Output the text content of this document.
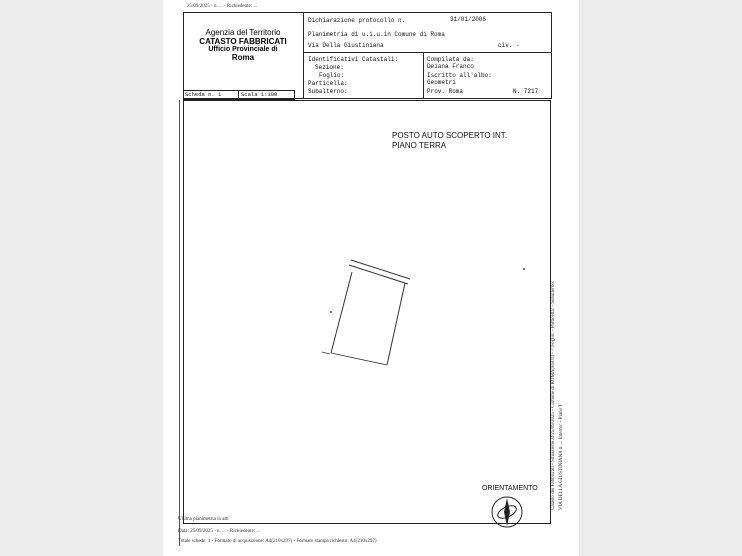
25/09/2025 - n. ... - Richiedente: ...
Agenzia del Territorio
CATASTO FABBRICATI
Ufficio Provinciale di
Roma
Dichiarazione protocollo n.	31/01/2006
Planimetria di u.i.u.in Comune di Roma
Via Della Giustiniana	civ. -
Identificativi Catastali:
Sezione:
Foglio:
Particella:
Subalterno:
Compilata da:
Deiana Franco
Iscritto all'albo:
Geometri
Prov. Roma	N. 7217
Scheda n. 1	Scala 1:100
POSTO AUTO SCOPERTO INT.
PIANO TERRA
ORIENTAMENTO
Ultima planimetria in atti
Data: 25/09/2025 - n. ... - Richiedente: ...
Totale schede: 1 - Formato di acquisizione: A4(210x297) - Formato stampa richiesto: A4(210x297)
Catasto dei Fabbricati - Situazione al 25/09/2025 - Comune di ROMA(H501) - < Foglio: - Particella: - Subalterno: VIA DELLA GIUSTINIANA n. ... Interno: - Piano T
